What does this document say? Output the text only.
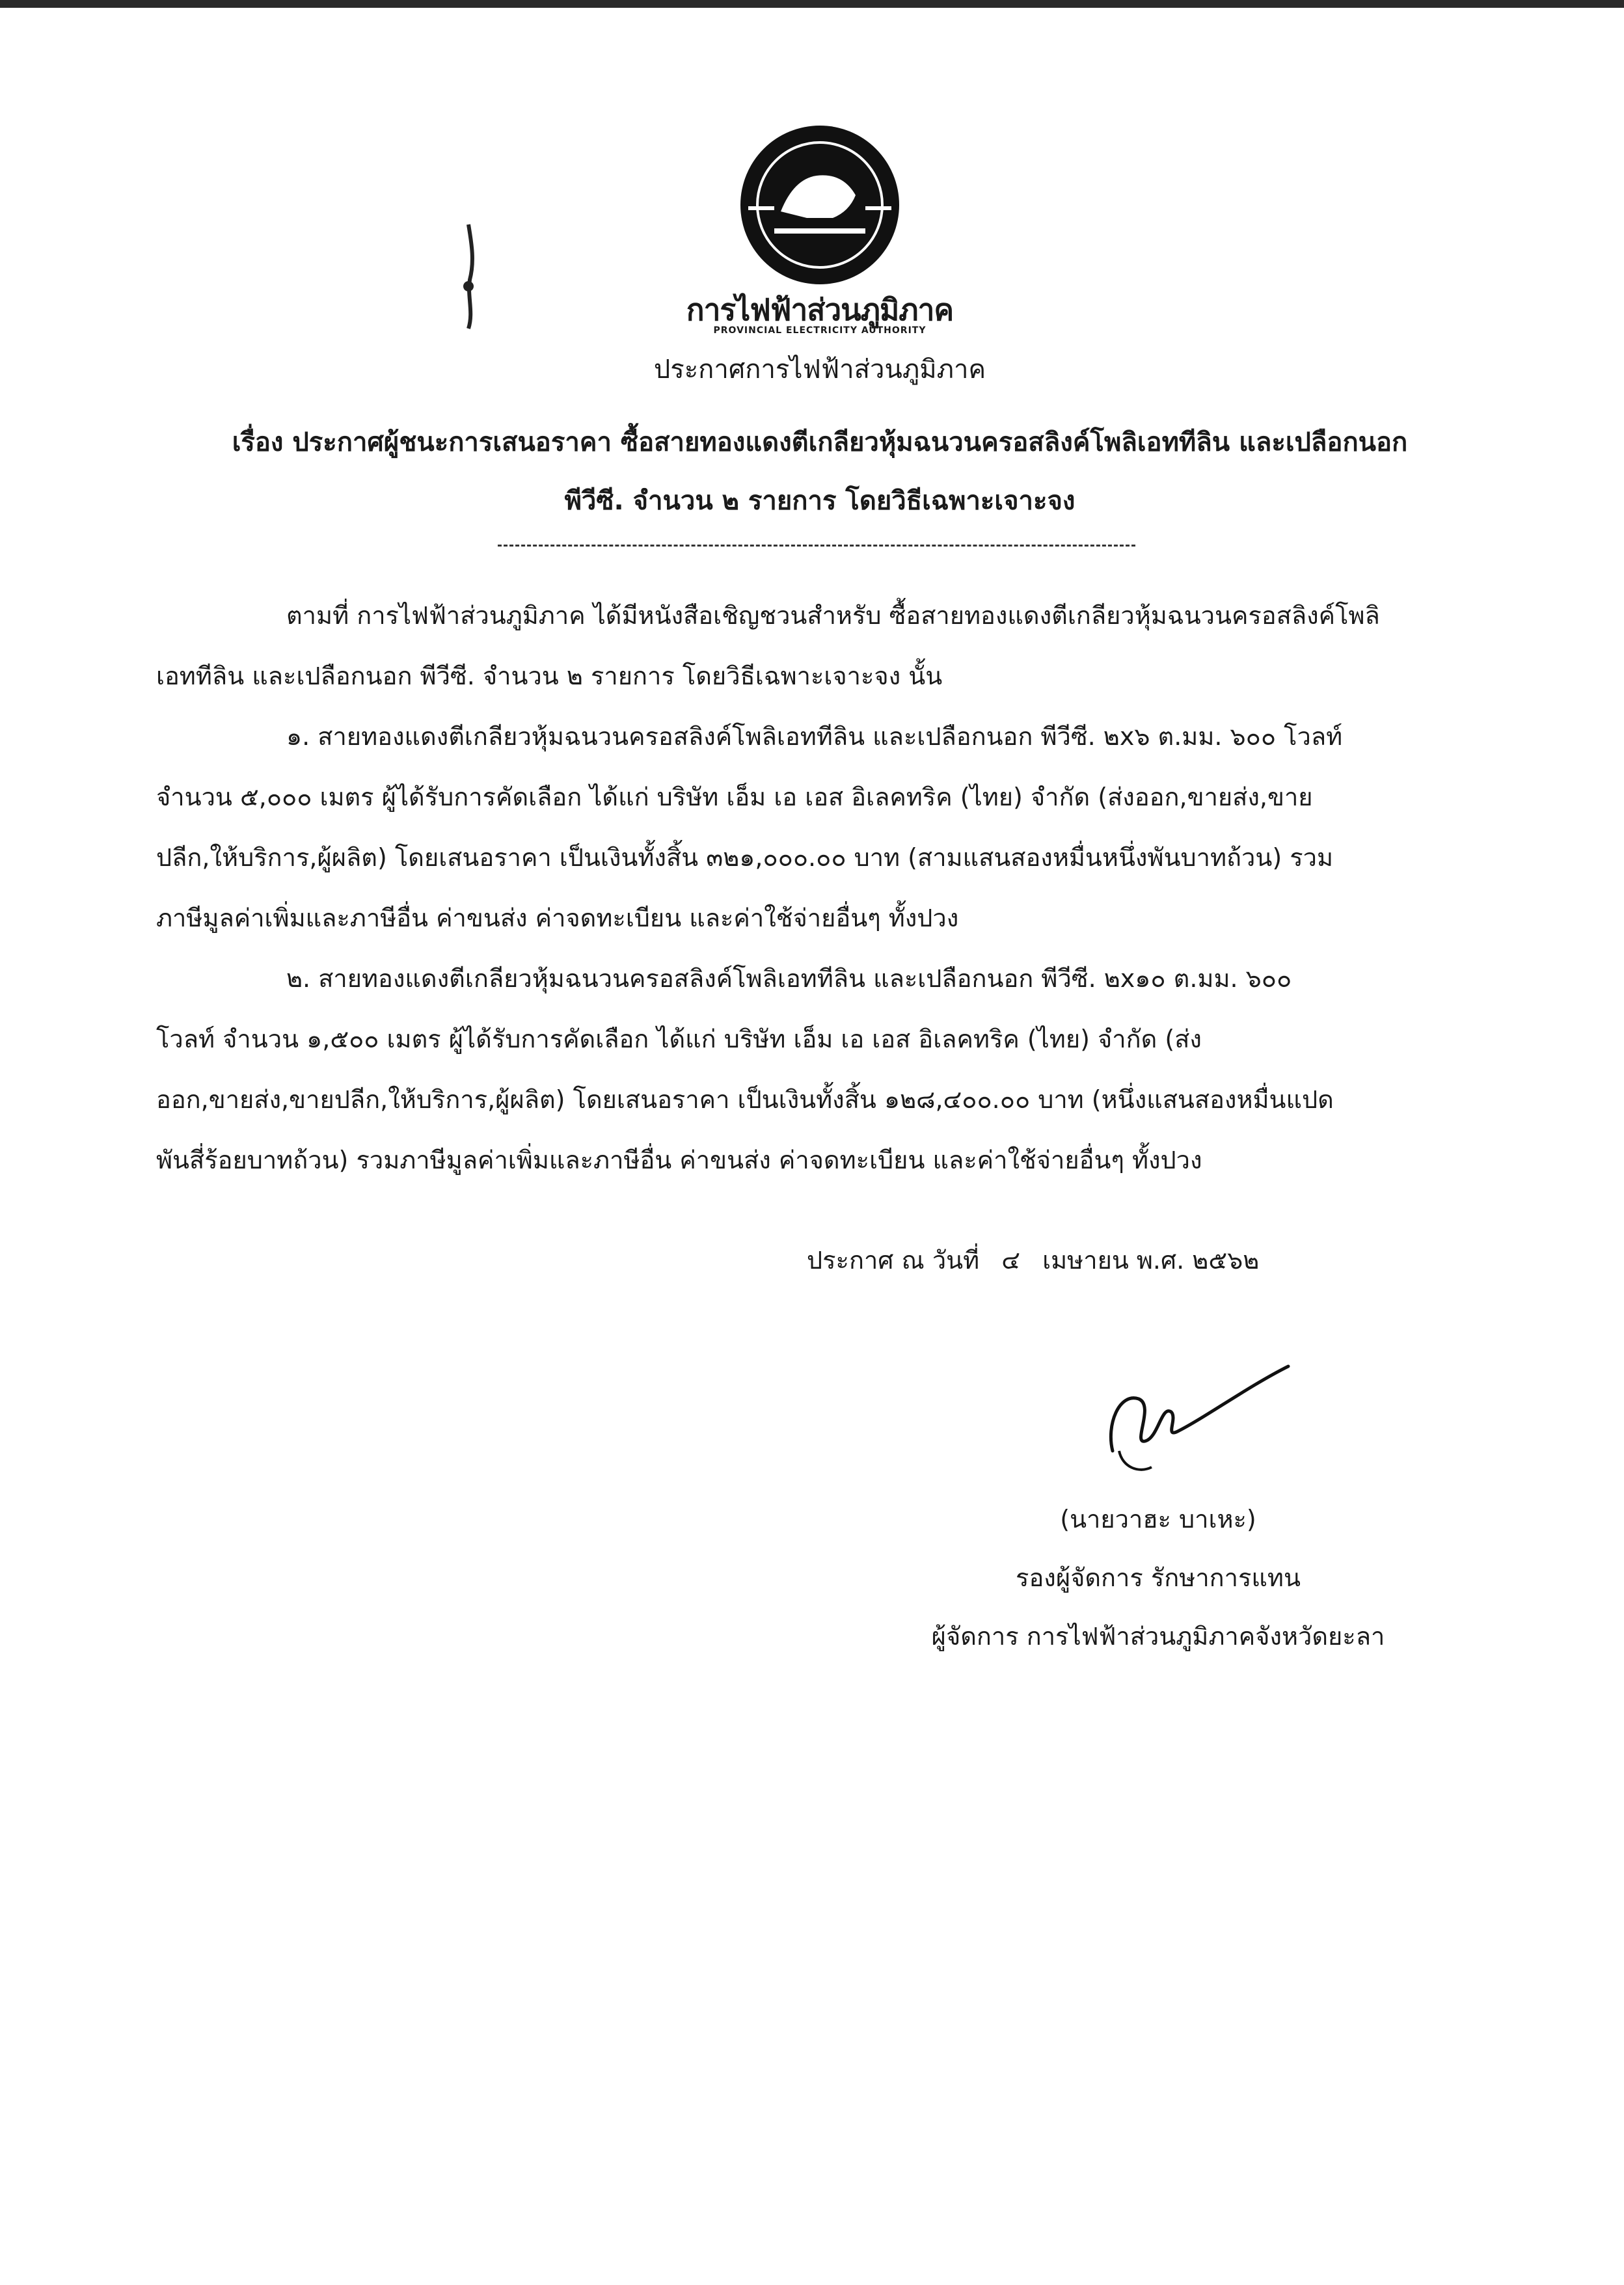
การไฟฟ้าส่วนภูมิภาค
PROVINCIAL ELECTRICITY AUTHORITY
ประกาศการไฟฟ้าส่วนภูมิภาค
เรื่อง ประกาศผู้ชนะการเสนอราคา ซื้อสายทองแดงตีเกลียวหุ้มฉนวนครอสลิงค์โพลิเอททีลิน และเปลือกนอก
พีวีซี. จำนวน ๒ รายการ โดยวิธีเฉพาะเจาะจง

ตามที่ การไฟฟ้าส่วนภูมิภาค ได้มีหนังสือเชิญชวนสำหรับ ซื้อสายทองแดงตีเกลียวหุ้มฉนวนครอสลิงค์โพลิ

เอททีลิน และเปลือกนอก พีวีซี. จำนวน ๒ รายการ โดยวิธีเฉพาะเจาะจง นั้น

๑. สายทองแดงตีเกลียวหุ้มฉนวนครอสลิงค์โพลิเอททีลิน และเปลือกนอก พีวีซี. ๒x๖ ต.มม. ๖๐๐ โวลท์

จำนวน ๕,๐๐๐ เมตร ผู้ได้รับการคัดเลือก ได้แก่ บริษัท เอ็ม เอ เอส อิเลคทริค (ไทย) จำกัด (ส่งออก,ขายส่ง,ขาย

ปลีก,ให้บริการ,ผู้ผลิต) โดยเสนอราคา เป็นเงินทั้งสิ้น ๓๒๑,๐๐๐.๐๐ บาท (สามแสนสองหมื่นหนึ่งพันบาทถ้วน) รวม

ภาษีมูลค่าเพิ่มและภาษีอื่น ค่าขนส่ง ค่าจดทะเบียน และค่าใช้จ่ายอื่นๆ ทั้งปวง

๒. สายทองแดงตีเกลียวหุ้มฉนวนครอสลิงค์โพลิเอททีลิน และเปลือกนอก พีวีซี. ๒x๑๐ ต.มม. ๖๐๐

โวลท์ จำนวน ๑,๕๐๐ เมตร ผู้ได้รับการคัดเลือก ได้แก่ บริษัท เอ็ม เอ เอส อิเลคทริค (ไทย) จำกัด (ส่ง

ออก,ขายส่ง,ขายปลีก,ให้บริการ,ผู้ผลิต) โดยเสนอราคา เป็นเงินทั้งสิ้น ๑๒๘,๔๐๐.๐๐ บาท (หนึ่งแสนสองหมื่นแปด

พันสี่ร้อยบาทถ้วน) รวมภาษีมูลค่าเพิ่มและภาษีอื่น ค่าขนส่ง ค่าจดทะเบียน และค่าใช้จ่ายอื่นๆ ทั้งปวง

ประกาศ ณ วันที่ ๔ เมษายน พ.ศ. ๒๕๖๒
(นายวาฮะ บาเหะ)
รองผู้จัดการ รักษาการแทน
ผู้จัดการ การไฟฟ้าส่วนภูมิภาคจังหวัดยะลา
